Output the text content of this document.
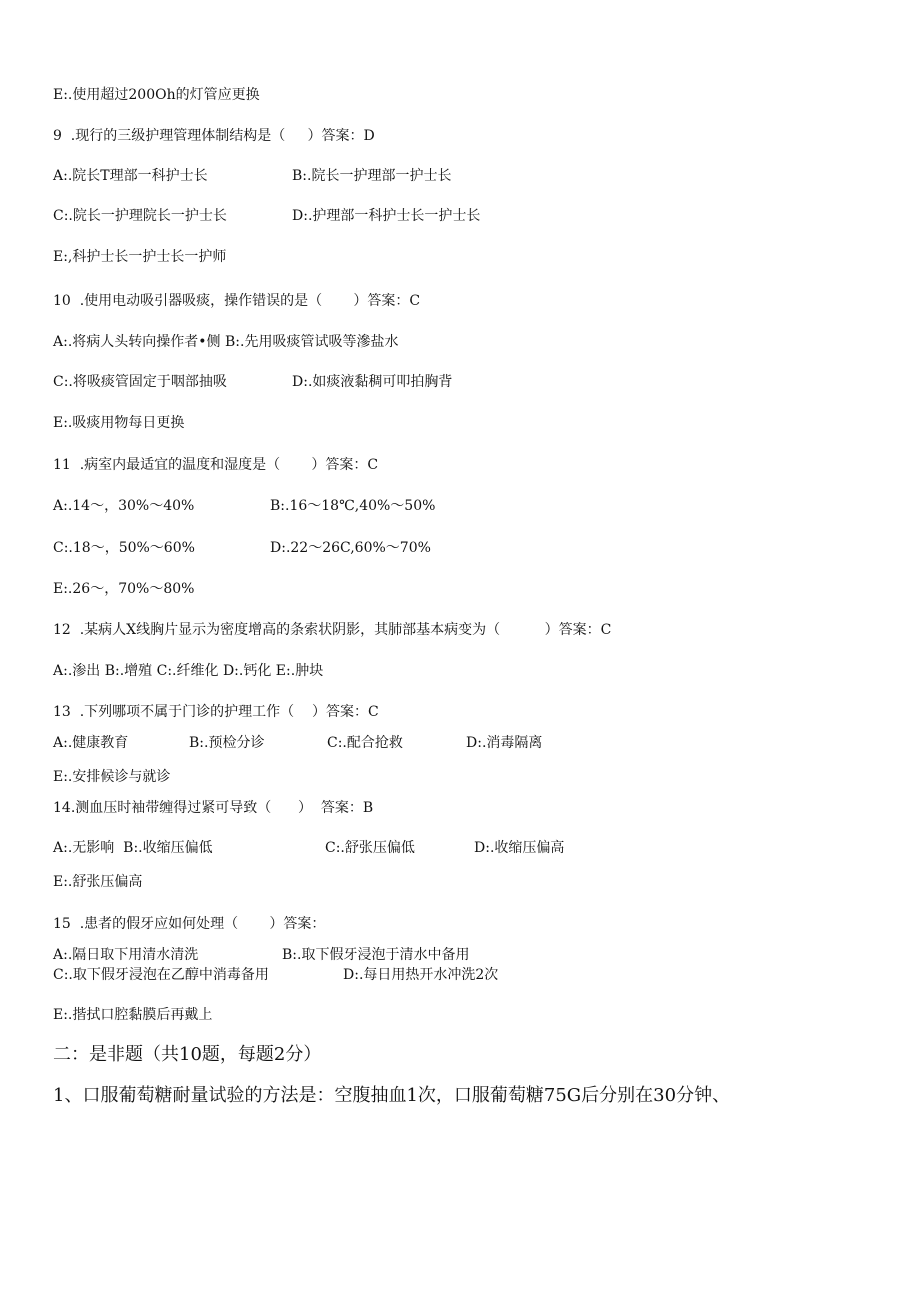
E:.使用超过200Oh的灯管应更换
9  .现行的三级护理管理体制结构是（     ）答案：D
A:.院长T理部一科护士长	B:.院长一护理部一护士长
C:.院长一护理院长一护士长	D:.护理部一科护士长一护士长
E:,科护士长一护士长一护师
10  .使用电动吸引器吸痰，操作错误的是（       ）答案：C
A:.将病人头转向操作者•侧 B:.先用吸痰管试吸等滲盐水
C:.将吸痰管固定于咽部抽吸	D:.如痰液黏稠可叩拍胸背
E:.吸痰用物每日更换
11  .病室内最适宜的温度和湿度是（       ）答案：C
A:.14～，30%～40%	B:.16～18℃,40%～50%
C:.18～，50%～60%	D:.22～26C,60%～70%
E:.26～，70%～80%
12  .某病人X线胸片显示为密度增高的条索状阴影，其肺部基本病变为（          ）答案：C
A:.渗出 B:.增殖 C:.纤维化 D:.钙化 E:.肿块
13  .下列哪项不属于门诊的护理工作（    ）答案：C
A:.健康教育	B:.预检分诊	C:.配合抢救	D:.消毒隔离
E:.安排候诊与就诊
14.测血压时袖带缠得过紧可导致（      ）  答案：B
A:.无影响  B:.收缩压偏低	C:.舒张压偏低	D:.收缩压偏高
E:.舒张压偏高
15  .患者的假牙应如何处理（       ）答案：
A:.隔日取下用清水清洗	B:.取下假牙浸泡于清水中备用
C:.取下假牙浸泡在乙醇中消毒备用	D:.每日用热开水冲洗2次
E:.揩拭口腔黏膜后再戴上
二：是非题（共10题，每题2分）
1、口服葡萄糖耐量试验的方法是：空腹抽血1次，口服葡萄糖75G后分别在30分钟、
